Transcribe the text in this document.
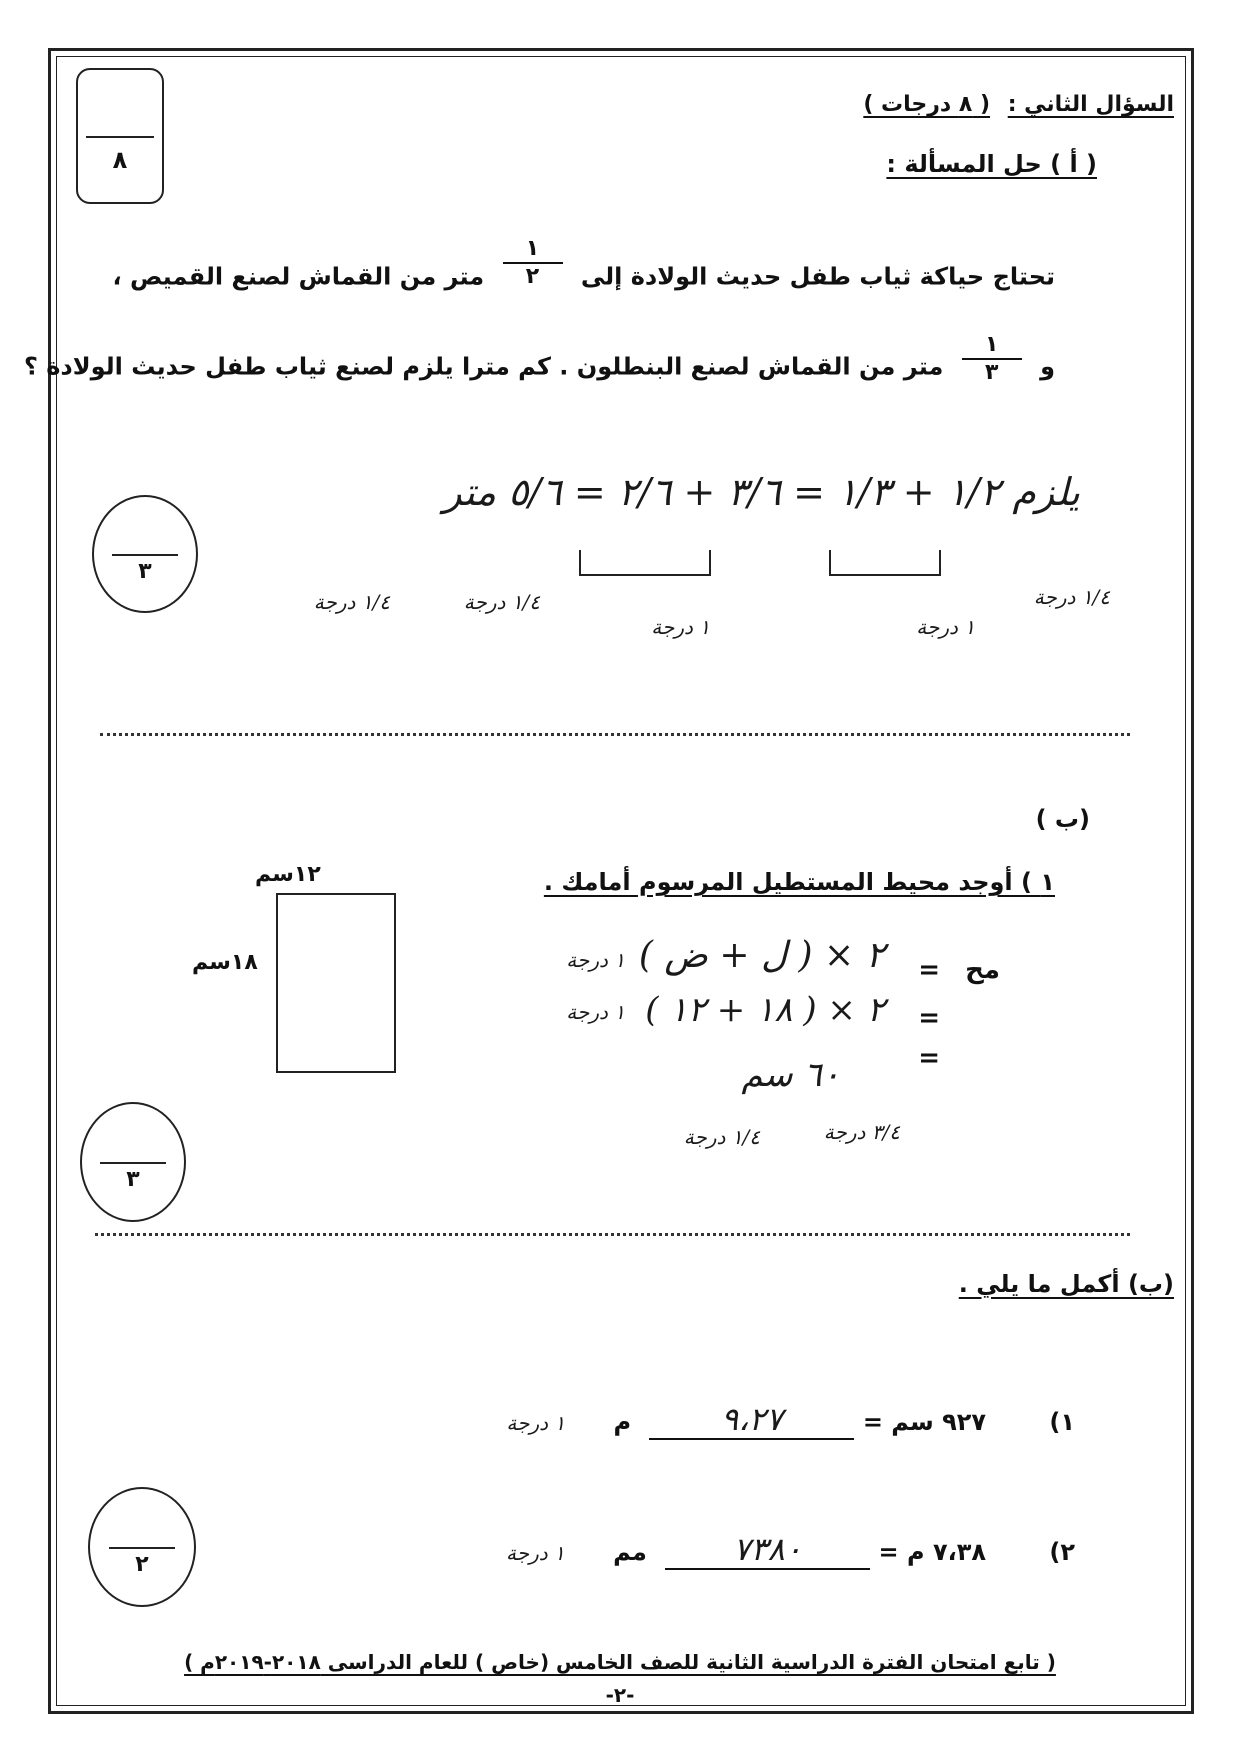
٨
السؤال الثاني : ( ٨ درجات )
( أ ) حل المسألة :
تحتاج حياكة ثياب طفل حديث الولادة إلى
$\frac{١}{٢}$
متر من القماش لصنع القميص ،
و
$\frac{١}{٣}$
متر من القماش لصنع البنطلون . كم مترا يلزم لصنع ثياب طفل حديث الولادة ؟
يلزم ١/٢ + ١/٣ = ٣/٦ + ٢/٦ = ٥/٦ متر
١/٤ درجة
١ درجة
١ درجة
١/٤ درجة
١/٤ درجة
٣
(ب )
١ ) أوجد محيط المستطيل المرسوم أمامك .
١٢سم
١٨سم	مح
=
=
=
٢ × ( ل + ض )
٢ × ( ١٨ + ١٢ )
٦٠ سم
١ درجة
١ درجة
٣/٤ درجة
١/٤ درجة
٣
(ب) أكمل ما يلي .
١) ٩٢٧ سم = ٩،٢٧ م ١ درجة
٢) ٧،٣٨ م = ٧٣٨٠ مم ١ درجة
٢
( تابع امتحان الفترة الدراسية الثانية للصف الخامس (خاص ) للعام الدراسى ٢٠١٨-٢٠١٩م )
-٢-
